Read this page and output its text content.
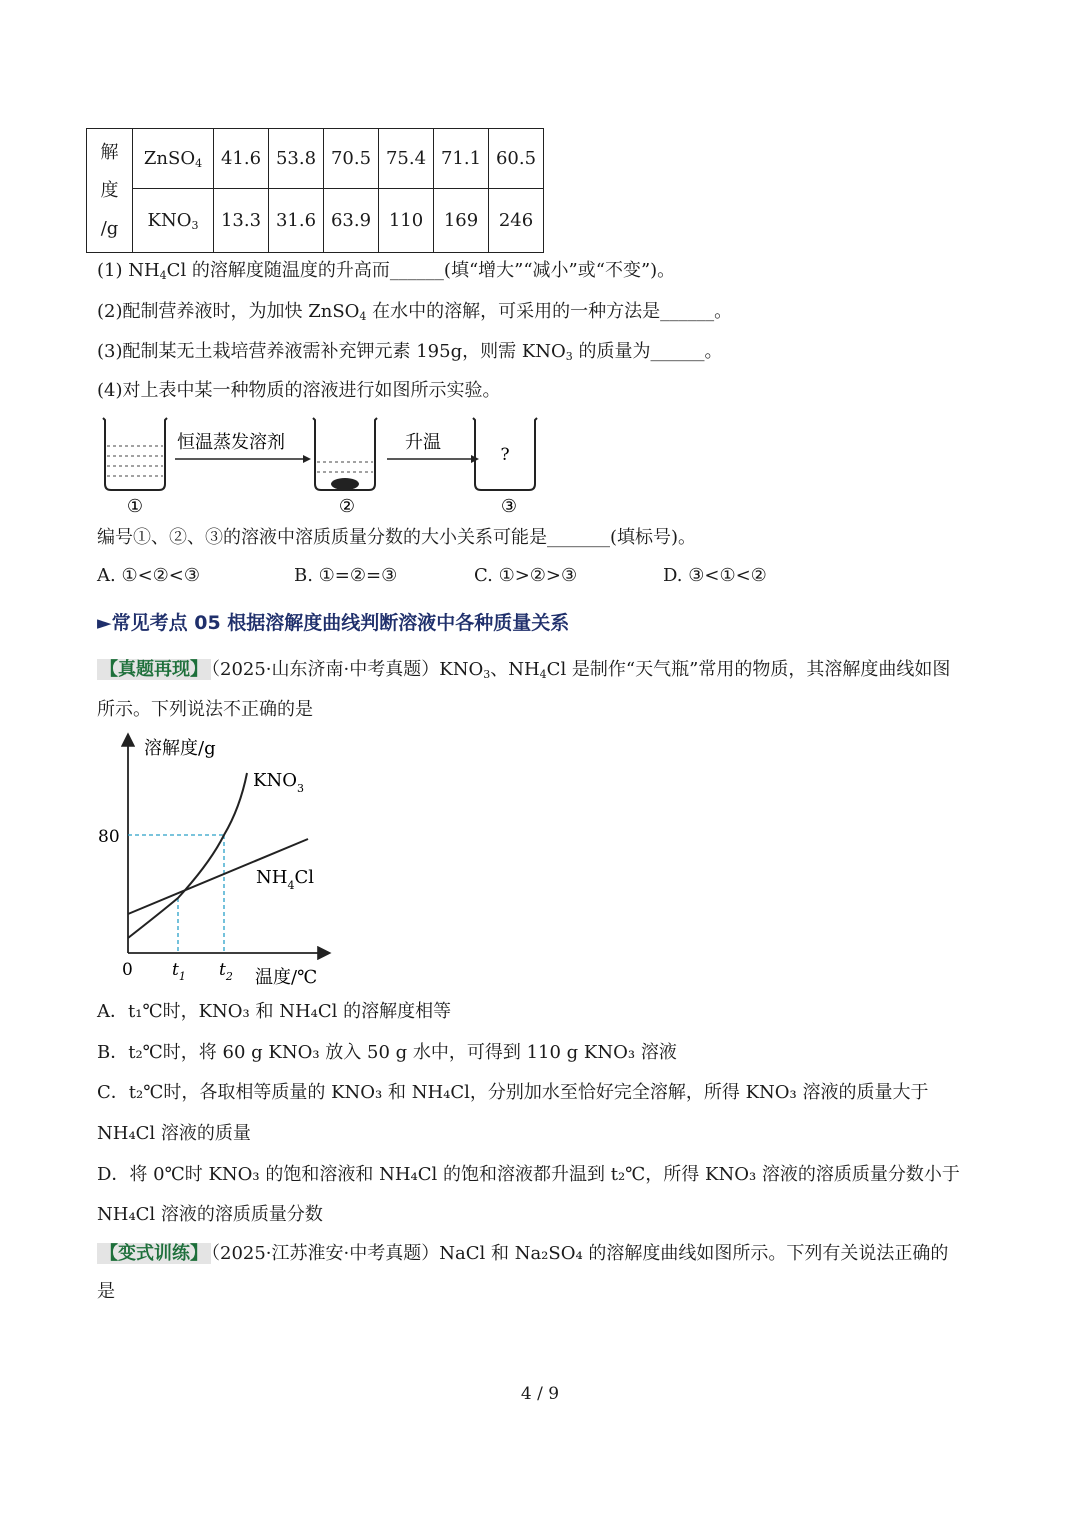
解
度
/g	ZnSO$_4$	41.6	53.8	70.5	75.4	71.1	60.5
	$KNO_3$	13.3	31.6	63.9	110	169	246
(1) $NH_4Cl$ 的溶解度随温度的升高而______(填“增大”“减小”或“不变”)。
(2)配制营养液时，为加快 ZnSO$_4$ 在水中的溶解，可采用的一种方法是______。
(3)配制某无土栽培营养液需补充钾元素 195g，则需 $KNO_3$ 的质量为______。
(4)对上表中某一种物质的溶液进行如图所示实验。
恒温蒸发溶剂	升温
?
①	②	③
编号①、②、③的溶液中溶质质量分数的大小关系可能是_______(填标号)。
A. ①<②<③	B. ①=②=③	C. ①>②>③	D. ③<①<②
►常见考点 05 根据溶解度曲线判断溶液中各种质量关系
【真题再现】 （2025·山东济南·中考真题）$KNO_3$、$NH_4Cl$ 是制作“天气瓶”常用的物质，其溶解度曲线如图
所示。下列说法不正确的是
溶解度/g
温度/℃
0
80
$KNO_3$
$NH_4Cl$
$t_1$ $t_2$
A．t₁℃时，KNO₃ 和 NH₄Cl 的溶解度相等
B．t₂℃时，将 60 g KNO₃ 放入 50 g 水中，可得到 110 g KNO₃ 溶液
C．t₂℃时，各取相等质量的 KNO₃ 和 NH₄Cl，分别加水至恰好完全溶解，所得 KNO₃ 溶液的质量大于
NH₄Cl 溶液的质量
D．将 0℃时 KNO₃ 的饱和溶液和 NH₄Cl 的饱和溶液都升温到 t₂℃，所得 KNO₃ 溶液的溶质质量分数小于
NH₄Cl 溶液的溶质质量分数
【变式训练】 （2025·江苏淮安·中考真题）NaCl 和 Na₂SO₄ 的溶解度曲线如图所示。下列有关说法正确的
是
4 / 9
